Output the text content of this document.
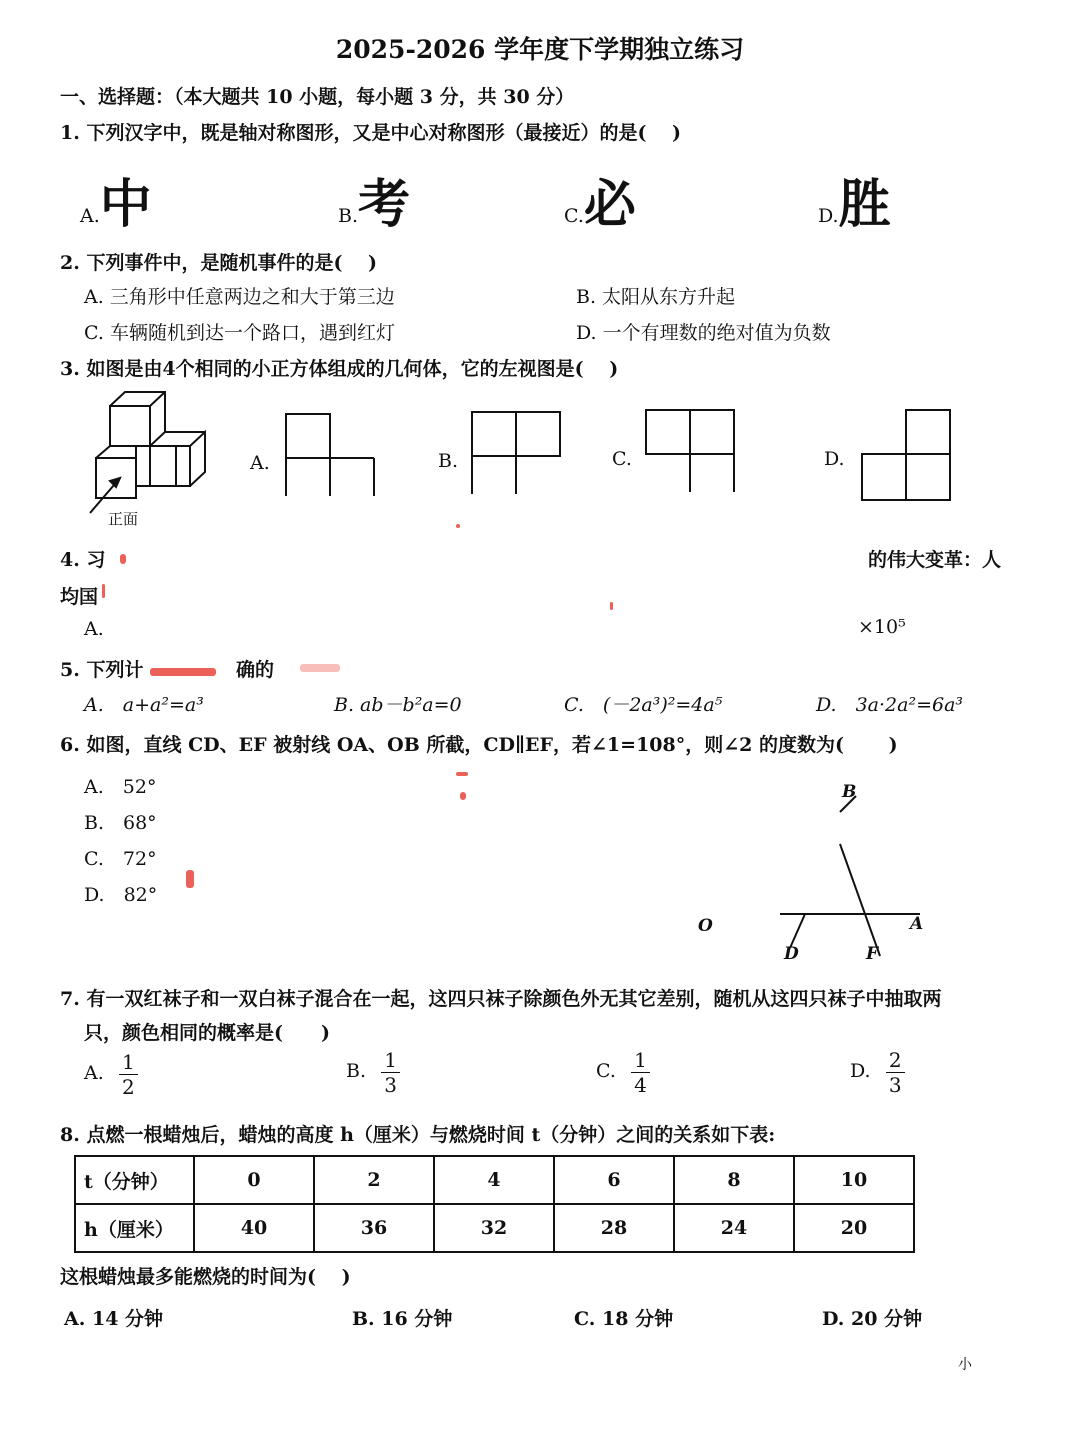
2025-2026 学年度下学期独立练习
一、选择题：（本大题共 10 小题，每小题 3 分，共 30 分）
1. 下列汉字中，既是轴对称图形，又是中心对称图形（最接近）的是(　 )
A.中	B.考	C.必	D.胜
2. 下列事件中，是随机事件的是(　 )
A. 三角形中任意两边之和大于第三边	B. 太阳从东方升起
C. 车辆随机到达一个路口，遇到红灯	D. 一个有理数的绝对值为负数
3. 如图是由4个相同的小正方体组成的几何体，它的左视图是(　 )
正面
A.	B.	C.	D.
4. 习	的伟大变革：人
均国
A.	×10⁵
5. 下列计	确的
A.　a+a²=a³	B. ab－b²a=0	C.　(－2a³)²=4a⁵	D.　3a·2a²=6a³
6. 如图，直线 CD、EF 被射线 OA、OB 所截，CD∥EF，若∠1=108°，则∠2 的度数为(　　 )
A.　52°
B.　68°
C.　72°
D.　82°
B
O	A
D	F
7. 有一双红袜子和一双白袜子混合在一起，这四只袜子除颜色外无其它差别，随机从这四只袜子中抽取两
只，颜色相同的概率是(　　)
A. $\frac{1}{2}$	B. $\frac{1}{3}$	C. $\frac{1}{4}$	D. $\frac{2}{3}$
8. 点燃一根蜡烛后，蜡烛的高度 h（厘米）与燃烧时间 t（分钟）之间的关系如下表:
t（分钟）	0	2	4	6	8	10
h（厘米）	40	36	32	28	24	20
这根蜡烛最多能燃烧的时间为(　 )
A. 14 分钟	B. 16 分钟	C. 18 分钟	D. 20 分钟
小
